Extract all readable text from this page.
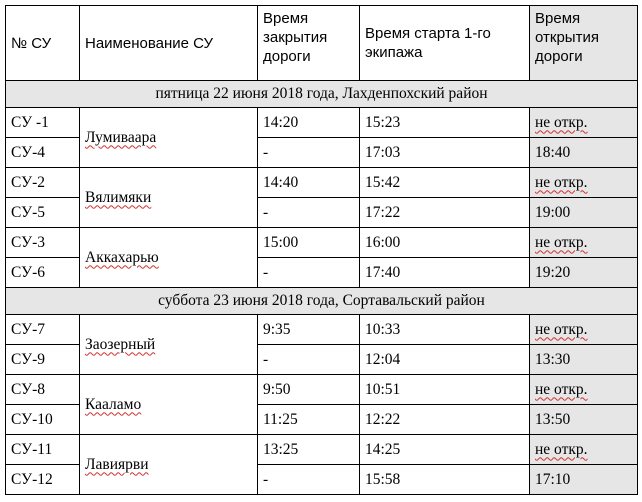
№ СУ	Наименование СУ	Время закрытия дороги	Время старта 1-го экипажа	Время открытия дороги
пятница 22 июня 2018 года, Лахденпохский район				
СУ -1	Лумиваара	14:20	15:23	не откр.
СУ-4		-	17:03	18:40
СУ-2	Вялимяки	14:40	15:42	не откр.
СУ-5		-	17:22	19:00
СУ-3	Аккахарью	15:00	16:00	не откр.
СУ-6		-	17:40	19:20
суббота 23 июня 2018 года, Сортавальский район				
СУ-7	Заозерный	9:35	10:33	не откр.
СУ-9		-	12:04	13:30
СУ-8	Кааламо	9:50	10:51	не откр.
СУ-10		11:25	12:22	13:50
СУ-11	Лавиярви	13:25	14:25	не откр.
СУ-12		-	15:58	17:10
